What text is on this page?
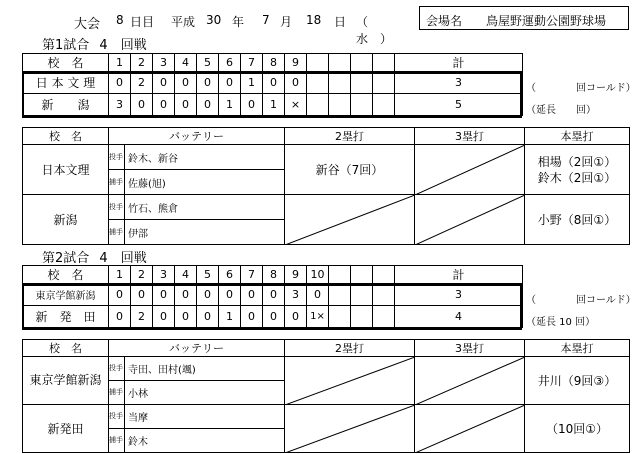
大会 8 日目 平成 30 年 7 月 18 日 （　水　）
会場名 鳥屋野運動公園野球場
第1試合 4　回戦
校　名	1	2	3	4	5	6	7	8	9					計
日 本 文 理	0	2	0	0	0	0	1	0	0					3
新　　潟	3	0	0	0	0	1	0	1	×					5
（　　　　回コールド）
（延長　　回）
校　名	バッテリー		2塁打	3塁打	本塁打
日本文理	投手	鈴木、新谷	新谷（7回）		相場（2回①）
鈴木（2回①）

	捕手	佐藤(旭)			
新潟	投手	竹石、熊倉			小野（8回①）

	捕手	伊部			
第2試合 4　回戦
校　名	1	2	3	4	5	6	7	8	9	10				計
東京学館新潟	0	0	0	0	0	0	0	0	3	0				3
新　発　田	0	2	0	0	0	1	0	0	0	1×				4
（　　　　回コールド）
（延長 10 回）
校　名	バッテリー		2塁打	3塁打	本塁打
東京学館新潟	投手	寺田、田村(颯)			井川（9回③）

	捕手	小林			
新発田	投手	当摩			（10回①）

	捕手	鈴木			
